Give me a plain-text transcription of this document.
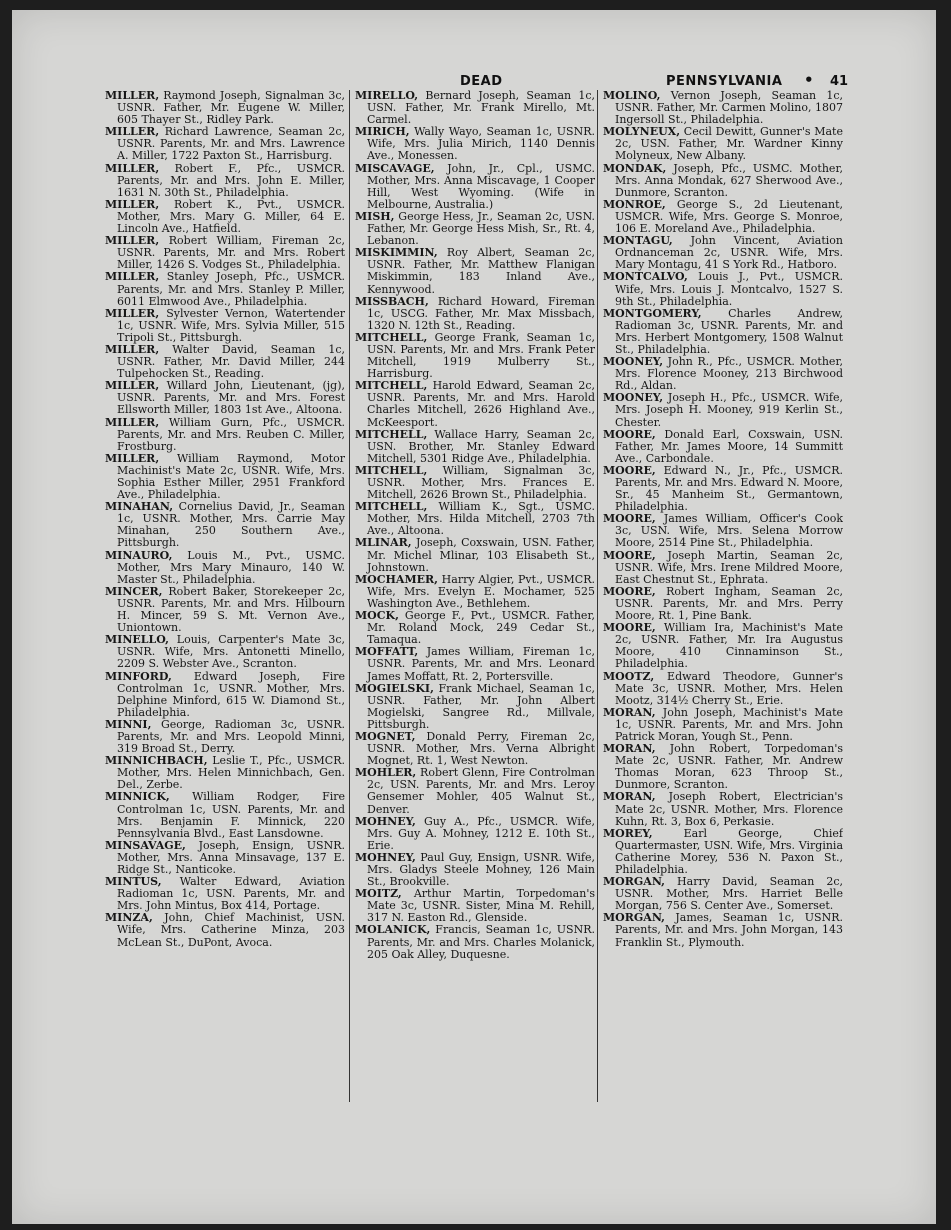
DEAD	PENNSYLVANIA • 41
MILLER, Raymond Joseph, Signalman 3c, USNR. Father, Mr. Eugene W. Miller, 605 Thayer St., Ridley Park.
MILLER, Richard Lawrence, Seaman 2c, USNR. Parents, Mr. and Mrs. Lawrence A. Miller, 1722 Paxton St., Harrisburg.
MILLER, Robert F., Pfc., USMCR. Parents, Mr. and Mrs. John E. Miller, 1631 N. 30th St., Philadelphia.
MILLER, Robert K., Pvt., USMCR. Mother, Mrs. Mary G. Miller, 64 E. Lincoln Ave., Hatfield.
MILLER, Robert William, Fireman 2c, USNR. Parents, Mr. and Mrs. Robert Miller, 1426 S. Vodges St., Philadelphia.
MILLER, Stanley Joseph, Pfc., USMCR. Parents, Mr. and Mrs. Stanley P. Miller, 6011 Elmwood Ave., Philadelphia.
MILLER, Sylvester Vernon, Watertender 1c, USNR. Wife, Mrs. Sylvia Miller, 515 Tripoli St., Pittsburgh.
MILLER, Walter David, Seaman 1c, USNR. Father, Mr. David Miller, 244 Tulpehocken St., Reading.
MILLER, Willard John, Lieutenant, (jg), USNR. Parents, Mr. and Mrs. Forest Ellsworth Miller, 1803 1st Ave., Altoona.
MILLER, William Gurn, Pfc., USMCR. Parents, Mr. and Mrs. Reuben C. Miller, Frostburg.
MILLER, William Raymond, Motor Machinist's Mate 2c, USNR. Wife, Mrs. Sophia Esther Miller, 2951 Frankford Ave., Philadelphia.
MINAHAN, Cornelius David, Jr., Seaman 1c, USNR. Mother, Mrs. Carrie May Minahan, 250 Southern Ave., Pittsburgh.
MINAURO, Louis M., Pvt., USMC. Mother, Mrs Mary Minauro, 140 W. Master St., Philadelphia.
MINCER, Robert Baker, Storekeeper 2c, USNR. Parents, Mr. and Mrs. Hilbourn H. Mincer, 59 S. Mt. Vernon Ave., Uniontown.
MINELLO, Louis, Carpenter's Mate 3c, USNR. Wife, Mrs. Antonetti Minello, 2209 S. Webster Ave., Scranton.
MINFORD, Edward Joseph, Fire Controlman 1c, USNR. Mother, Mrs. Delphine Minford, 615 W. Diamond St., Philadelphia.
MINNI, George, Radioman 3c, USNR. Parents, Mr. and Mrs. Leopold Minni, 319 Broad St., Derry.
MINNICHBACH, Leslie T., Pfc., USMCR. Mother, Mrs. Helen Minnichbach, Gen. Del., Zerbe.
MINNICK, William Rodger, Fire Controlman 1c, USN. Parents, Mr. and Mrs. Benjamin F. Minnick, 220 Pennsylvania Blvd., East Lansdowne.
MINSAVAGE, Joseph, Ensign, USNR. Mother, Mrs. Anna Minsavage, 137 E. Ridge St., Nanticoke.
MINTUS, Walter Edward, Aviation Radioman 1c, USN. Parents, Mr. and Mrs. John Mintus, Box 414, Portage.
MINZA, John, Chief Machinist, USN. Wife, Mrs. Catherine Minza, 203 McLean St., DuPont, Avoca.
MIRELLO, Bernard Joseph, Seaman 1c, USN. Father, Mr. Frank Mirello, Mt. Carmel.
MIRICH, Wally Wayo, Seaman 1c, USNR. Wife, Mrs. Julia Mirich, 1140 Dennis Ave., Monessen.
MISCAVAGE, John, Jr., Cpl., USMC. Mother, Mrs. Anna Miscavage, 1 Cooper Hill, West Wyoming. (Wife in Melbourne, Australia.)
MISH, George Hess, Jr., Seaman 2c, USN. Father, Mr. George Hess Mish, Sr., Rt. 4, Lebanon.
MISKIMMIN, Roy Albert, Seaman 2c, USNR. Father, Mr. Matthew Flanigan Miskimmin, 183 Inland Ave., Kennywood.
MISSBACH, Richard Howard, Fireman 1c, USCG. Father, Mr. Max Missbach, 1320 N. 12th St., Reading.
MITCHELL, George Frank, Seaman 1c, USN. Parents, Mr. and Mrs. Frank Peter Mitchell, 1919 Mulberry St., Harrisburg.
MITCHELL, Harold Edward, Seaman 2c, USNR. Parents, Mr. and Mrs. Harold Charles Mitchell, 2626 Highland Ave., McKeesport.
MITCHELL, Wallace Harry, Seaman 2c, USN. Brother, Mr. Stanley Edward Mitchell, 5301 Ridge Ave., Philadelphia.
MITCHELL, William, Signalman 3c, USNR. Mother, Mrs. Frances E. Mitchell, 2626 Brown St., Philadelphia.
MITCHELL, William K., Sgt., USMC. Mother, Mrs. Hilda Mitchell, 2703 7th Ave., Altoona.
MLINAR, Joseph, Coxswain, USN. Father, Mr. Michel Mlinar, 103 Elisabeth St., Johnstown.
MOCHAMER, Harry Algier, Pvt., USMCR. Wife, Mrs. Evelyn E. Mochamer, 525 Washington Ave., Bethlehem.
MOCK, George F., Pvt., USMCR. Father, Mr. Roland Mock, 249 Cedar St., Tamaqua.
MOFFATT, James William, Fireman 1c, USNR. Parents, Mr. and Mrs. Leonard James Moffatt, Rt. 2, Portersville.
MOGIELSKI, Frank Michael, Seaman 1c, USNR. Father, Mr. John Albert Mogielski, Sangree Rd., Millvale, Pittsburgh.
MOGNET, Donald Perry, Fireman 2c, USNR. Mother, Mrs. Verna Albright Mognet, Rt. 1, West Newton.
MOHLER, Robert Glenn, Fire Controlman 2c, USN. Parents, Mr. and Mrs. Leroy Gensemer Mohler, 405 Walnut St., Denver.
MOHNEY, Guy A., Pfc., USMCR. Wife, Mrs. Guy A. Mohney, 1212 E. 10th St., Erie.
MOHNEY, Paul Guy, Ensign, USNR. Wife, Mrs. Gladys Steele Mohney, 126 Main St., Brookville.
MOITZ, Arthur Martin, Torpedoman's Mate 3c, USNR. Sister, Mina M. Rehill, 317 N. Easton Rd., Glenside.
MOLANICK, Francis, Seaman 1c, USNR. Parents, Mr. and Mrs. Charles Molanick, 205 Oak Alley, Duquesne.
MOLINO, Vernon Joseph, Seaman 1c, USNR. Father, Mr. Carmen Molino, 1807 Ingersoll St., Philadelphia.
MOLYNEUX, Cecil Dewitt, Gunner's Mate 2c, USN. Father, Mr. Wardner Kinny Molyneux, New Albany.
MONDAK, Joseph, Pfc., USMC. Mother, Mrs. Anna Mondak, 627 Sherwood Ave., Dunmore, Scranton.
MONROE, George S., 2d Lieutenant, USMCR. Wife, Mrs. George S. Monroe, 106 E. Moreland Ave., Philadelphia.
MONTAGU, John Vincent, Aviation Ordnanceman 2c, USNR. Wife, Mrs. Mary Montagu, 41 S York Rd., Hatboro.
MONTCALVO, Louis J., Pvt., USMCR. Wife, Mrs. Louis J. Montcalvo, 1527 S. 9th St., Philadelphia.
MONTGOMERY, Charles Andrew, Radioman 3c, USNR. Parents, Mr. and Mrs. Herbert Montgomery, 1508 Walnut St., Philadelphia.
MOONEY, John R., Pfc., USMCR. Mother, Mrs. Florence Mooney, 213 Birchwood Rd., Aldan.
MOONEY, Joseph H., Pfc., USMCR. Wife, Mrs. Joseph H. Mooney, 919 Kerlin St., Chester.
MOORE, Donald Earl, Coxswain, USN. Father, Mr. James Moore, 14 Summitt Ave., Carbondale.
MOORE, Edward N., Jr., Pfc., USMCR. Parents, Mr. and Mrs. Edward N. Moore, Sr., 45 Manheim St., Germantown, Philadelphia.
MOORE, James William, Officer's Cook 3c, USN. Wife, Mrs. Selena Morrow Moore, 2514 Pine St., Philadelphia.
MOORE, Joseph Martin, Seaman 2c, USNR. Wife, Mrs. Irene Mildred Moore, East Chestnut St., Ephrata.
MOORE, Robert Ingham, Seaman 2c, USNR. Parents, Mr. and Mrs. Perry Moore, Rt. 1, Pine Bank.
MOORE, William Ira, Machinist's Mate 2c, USNR. Father, Mr. Ira Augustus Moore, 410 Cinnaminson St., Philadelphia.
MOOTZ, Edward Theodore, Gunner's Mate 3c, USNR. Mother, Mrs. Helen Mootz, 314½ Cherry St., Erie.
MORAN, John Joseph, Machinist's Mate 1c, USNR. Parents, Mr. and Mrs. John Patrick Moran, Yough St., Penn.
MORAN, John Robert, Torpedoman's Mate 2c, USNR. Father, Mr. Andrew Thomas Moran, 623 Throop St., Dunmore, Scranton.
MORAN, Joseph Robert, Electrician's Mate 2c, USNR. Mother, Mrs. Florence Kuhn, Rt. 3, Box 6, Perkasie.
MOREY, Earl George, Chief Quartermaster, USN. Wife, Mrs. Virginia Catherine Morey, 536 N. Paxon St., Philadelphia.
MORGAN, Harry David, Seaman 2c, USNR. Mother, Mrs. Harriet Belle Morgan, 756 S. Center Ave., Somerset.
MORGAN, James, Seaman 1c, USNR. Parents, Mr. and Mrs. John Morgan, 143 Franklin St., Plymouth.
